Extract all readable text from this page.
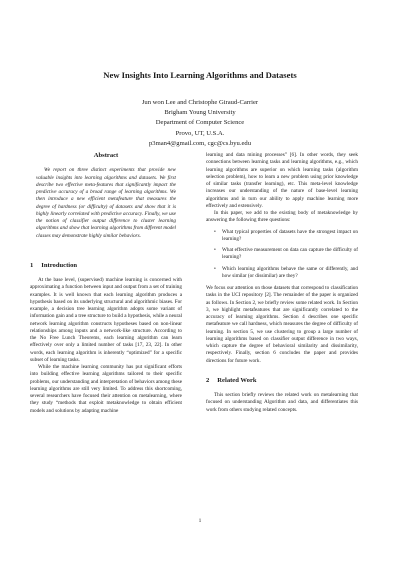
New Insights Into Learning Algorithms and Datasets
Jun won Lee and Christophe Giraud-Carrier
Brigham Young University
Department of Computer Science
Provo, UT, U.S.A.
p3man4@gmail.com, cgc@cs.byu.edu
Abstract

We report on three distinct experiments that provide new valuable insights into learning algorithms and datasets. We first describe two effective meta-features that significantly impact the predictive accuracy of a broad range of learning algorithms. We then introduce a new efficient metafeature that measures the degree of hardness (or difficulty) of datasets and show that it is highly linearly correlated with predictive accuracy. Finally, we use the notion of classifier output difference to cluster learning algorithms and show that learning algorithms from different model classes may demonstrate highly similar behaviors.

1 Introduction

At the base level, (supervised) machine learning is concerned with approximating a function between input and output from a set of training examples. It is well known that each learning algorithm produces a hypothesis based on its underlying structural and algorithmic biases. For example, a decision tree learning algorithm adopts some variant of information gain and a tree structure to build a hypothesis, while a neural network learning algorithm constructs hypotheses based on non-linear relationships among inputs and a network-like structure. According to the No Free Lunch Theorems, each learning algorithm can learn effectively over only a limited number of tasks [17, 23, 22]. In other words, each learning algorithm is inherently “optimized” for a specific subset of learning tasks.

While the machine learning community has put significant efforts into building effective learning algorithms tailored to their specific problems, our understanding and interpretation of behaviors among these learning algorithms are still very limited. To address this shortcoming, several researchers have focused their attention on metalearning, where they study “methods that exploit metaknowledge to obtain efficient models and solutions by adapting machine

learning and data mining processes” [6]. In other words, they seek connections between learning tasks and learning algorithms, e.g., which learning algorithms are superior on which learning tasks (algorithm selection problem), how to learn a new problem using prior knowledge of similar tasks (transfer learning), etc. This meta-level knowledge increases our understanding of the nature of base-level learning algorithms and in turn our ability to apply machine learning more effectively and extensively.

In this paper, we add to the existing body of metaknowledge by answering the following three questions:

• What typical properties of datasets have the strongest impact on learning?
• What effective measurement on data can capture the difficulty of learning?
• Which learning algorithms behave the same or differently, and how similar (or dissimilar) are they?

We focus our attention on those datasets that correspond to classification tasks in the UCI repository [2]. The remainder of the paper is organized as follows. In Section 2, we briefly review some related work. In Section 3, we highlight metafeatures that are significantly correlated to the accuracy of learning algorithms. Section 4 describes one specific metafeature we call hardness, which measures the degree of difficulty of learning. In section 5, we use clustering to group a large number of learning algorithms based on classifier output difference in two ways, which capture the degree of behavioral similarity and dissimilarity, respectively. Finally, section 6 concludes the paper and provides directions for future work.

2 Related Work

This section briefly reviews the related work on metalearning that focused on understanding Algorithm and data, and differentiates this work from others studying related concepts.

1
